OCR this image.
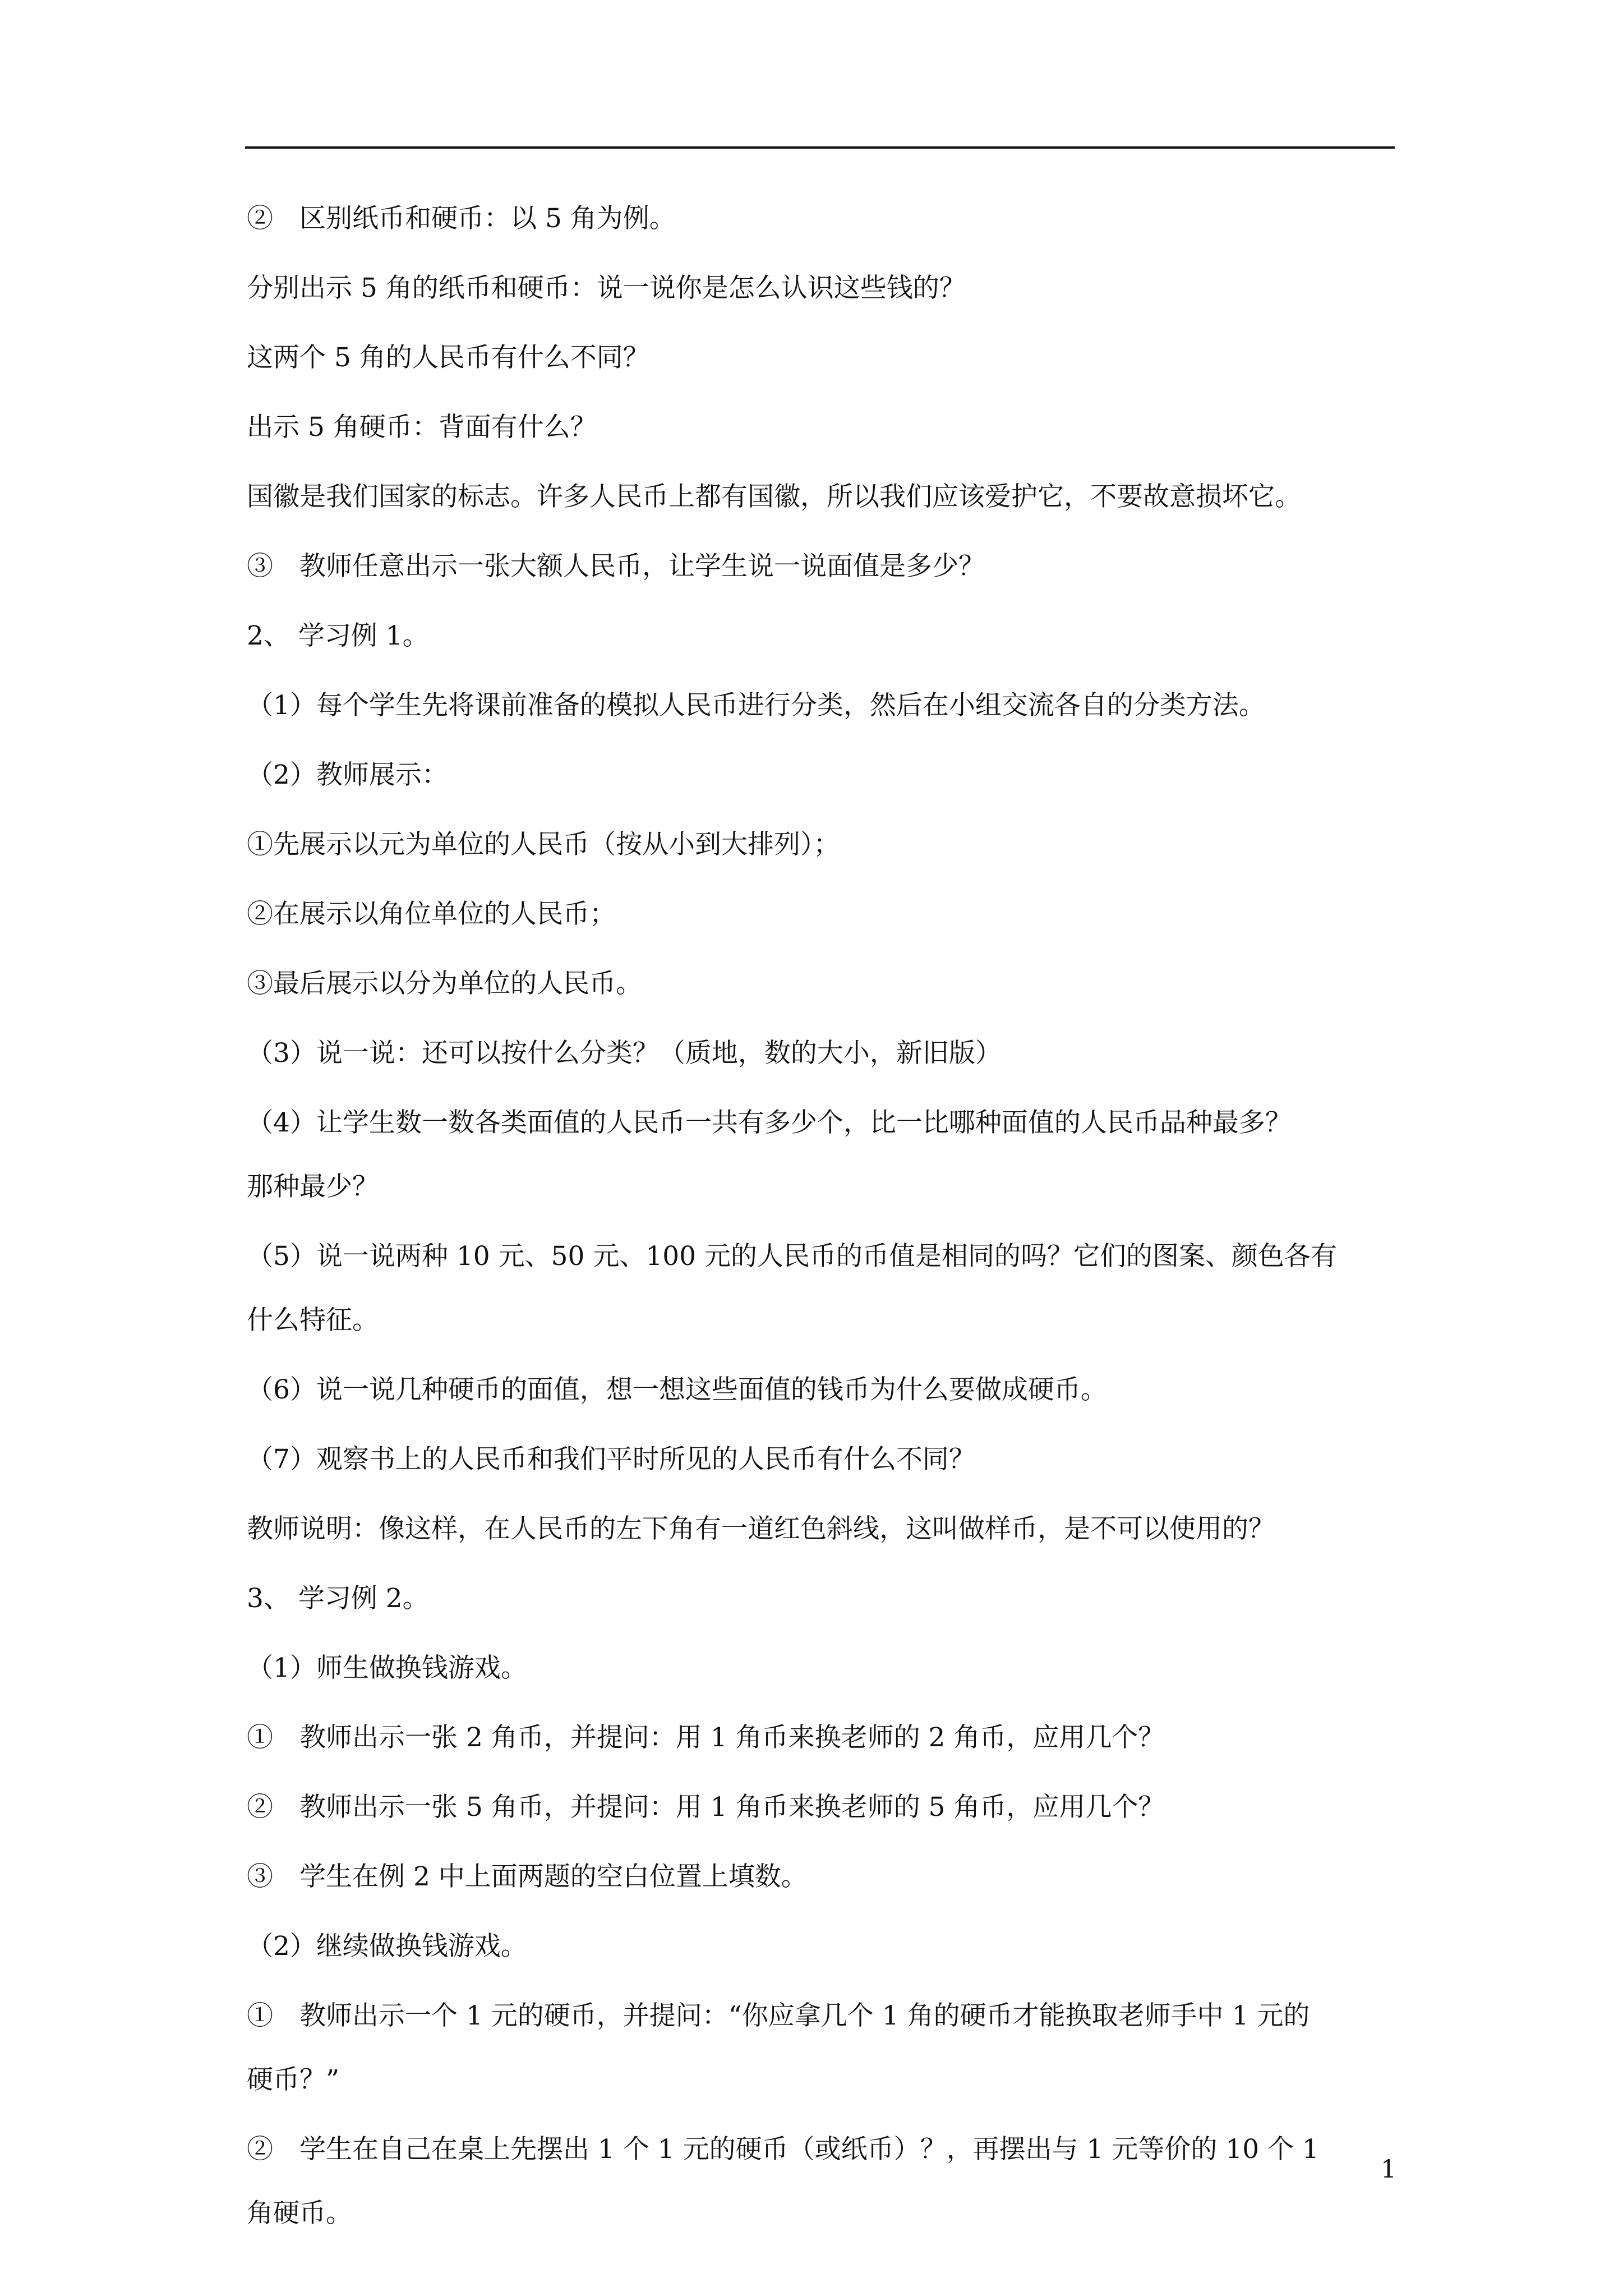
②　区别纸币和硬币：以 5 角为例。
分别出示 5 角的纸币和硬币：说一说你是怎么认识这些钱的？
这两个 5 角的人民币有什么不同？
出示 5 角硬币：背面有什么？
国徽是我们国家的标志。许多人民币上都有国徽，所以我们应该爱护它，不要故意损坏它。
③　教师任意出示一张大额人民币，让学生说一说面值是多少？
2、 学习例 1。
（1）每个学生先将课前准备的模拟人民币进行分类，然后在小组交流各自的分类方法。
（2）教师展示：
①先展示以元为单位的人民币（按从小到大排列）；
②在展示以角位单位的人民币；
③最后展示以分为单位的人民币。
（3）说一说：还可以按什么分类？（质地，数的大小，新旧版）
（4）让学生数一数各类面值的人民币一共有多少个，比一比哪种面值的人民币品种最多？
那种最少？
（5）说一说两种 10 元、50 元、100 元的人民币的币值是相同的吗？它们的图案、颜色各有
什么特征。
（6）说一说几种硬币的面值，想一想这些面值的钱币为什么要做成硬币。
（7）观察书上的人民币和我们平时所见的人民币有什么不同？
教师说明：像这样，在人民币的左下角有一道红色斜线，这叫做样币，是不可以使用的？
3、 学习例 2。
（1）师生做换钱游戏。
①　教师出示一张 2 角币，并提问：用 1 角币来换老师的 2 角币，应用几个？
②　教师出示一张 5 角币，并提问：用 1 角币来换老师的 5 角币，应用几个？
③　学生在例 2 中上面两题的空白位置上填数。
（2）继续做换钱游戏。
①　教师出示一个 1 元的硬币，并提问：“你应拿几个 1 角的硬币才能换取老师手中 1 元的
硬币？”
②　学生在自己在桌上先摆出 1 个 1 元的硬币（或纸币）？，再摆出与 1 元等价的 10 个 1
角硬币。
1
